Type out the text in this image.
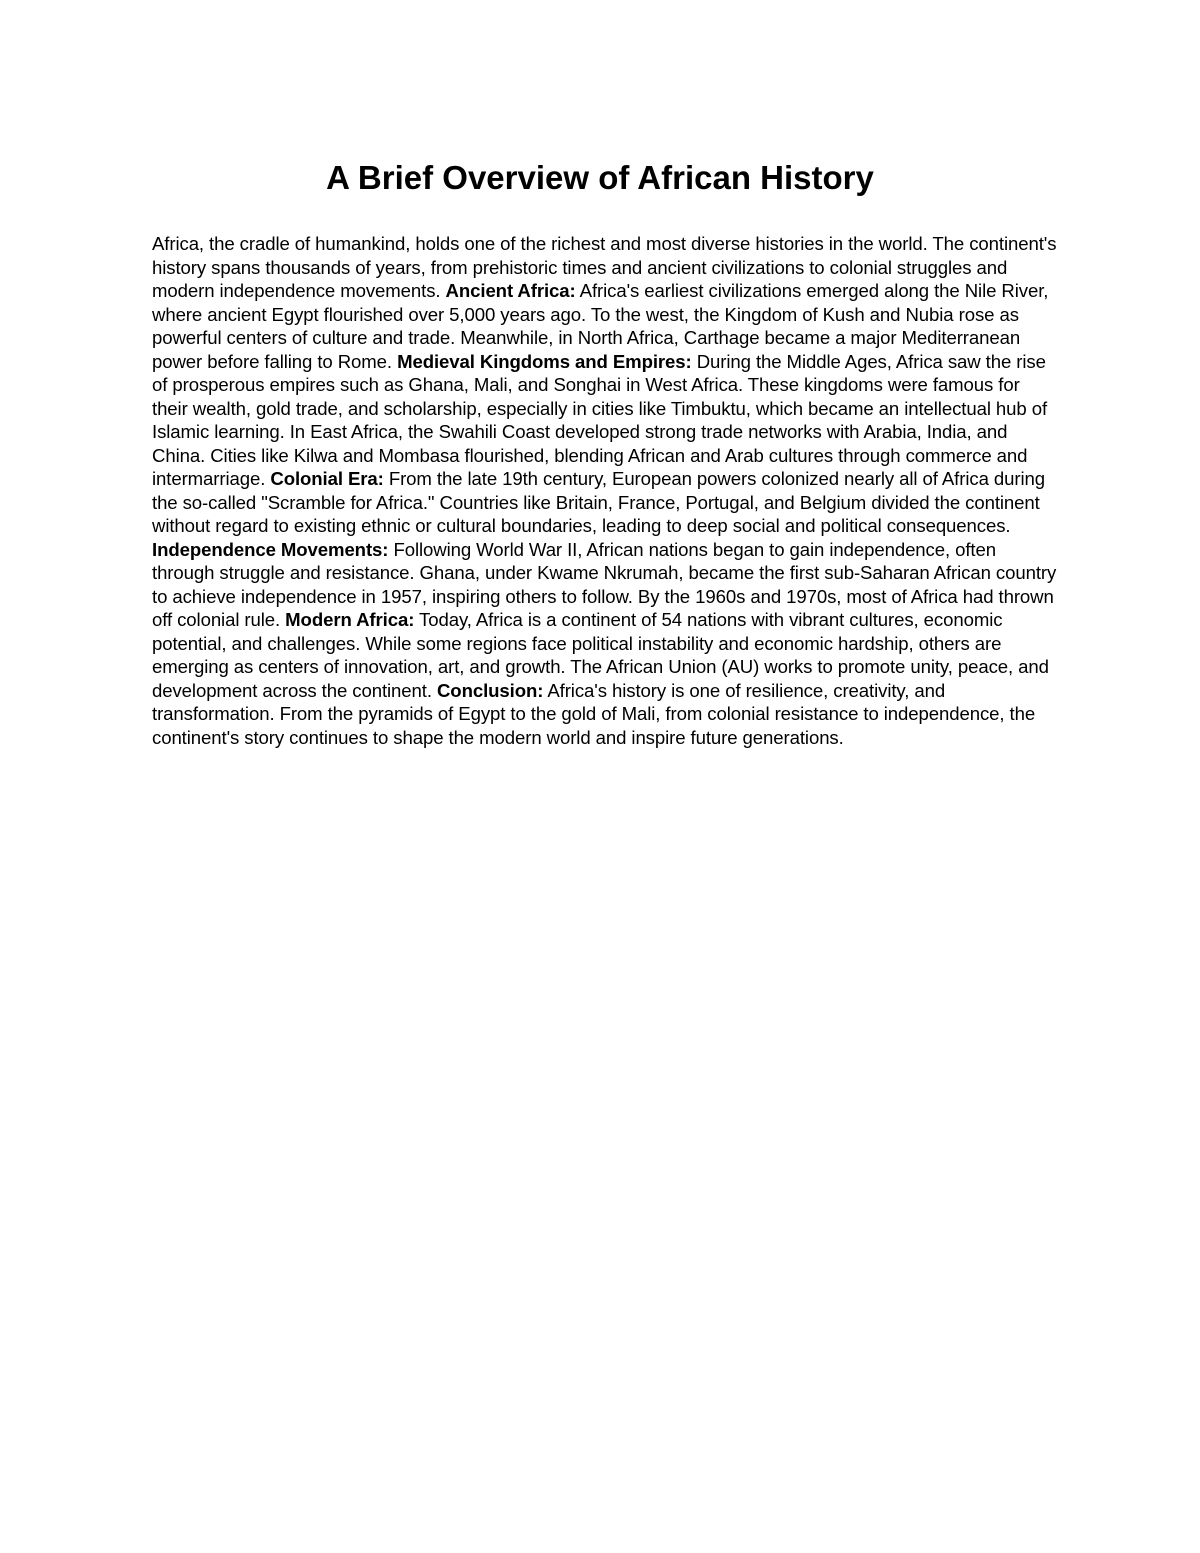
A Brief Overview of African History

Africa, the cradle of humankind, holds one of the richest and most diverse histories in the world. The continent's history spans thousands of years, from prehistoric times and ancient civilizations to colonial struggles and modern independence movements. Ancient Africa: Africa's earliest civilizations emerged along the Nile River, where ancient Egypt flourished over 5,000 years ago. To the west, the Kingdom of Kush and Nubia rose as powerful centers of culture and trade. Meanwhile, in North Africa, Carthage became a major Mediterranean power before falling to Rome. Medieval Kingdoms and Empires: During the Middle Ages, Africa saw the rise of prosperous empires such as Ghana, Mali, and Songhai in West Africa. These kingdoms were famous for their wealth, gold trade, and scholarship, especially in cities like Timbuktu, which became an intellectual hub of Islamic learning. In East Africa, the Swahili Coast developed strong trade networks with Arabia, India, and China. Cities like Kilwa and Mombasa flourished, blending African and Arab cultures through commerce and intermarriage. Colonial Era: From the late 19th century, European powers colonized nearly all of Africa during the so-called "Scramble for Africa." Countries like Britain, France, Portugal, and Belgium divided the continent without regard to existing ethnic or cultural boundaries, leading to deep social and political consequences. Independence Movements: Following World War II, African nations began to gain independence, often through struggle and resistance. Ghana, under Kwame Nkrumah, became the first sub-Saharan African country to achieve independence in 1957, inspiring others to follow. By the 1960s and 1970s, most of Africa had thrown off colonial rule. Modern Africa: Today, Africa is a continent of 54 nations with vibrant cultures, economic potential, and challenges. While some regions face political instability and economic hardship, others are emerging as centers of innovation, art, and growth. The African Union (AU) works to promote unity, peace, and development across the continent. Conclusion: Africa's history is one of resilience, creativity, and transformation. From the pyramids of Egypt to the gold of Mali, from colonial resistance to independence, the continent's story continues to shape the modern world and inspire future generations.
